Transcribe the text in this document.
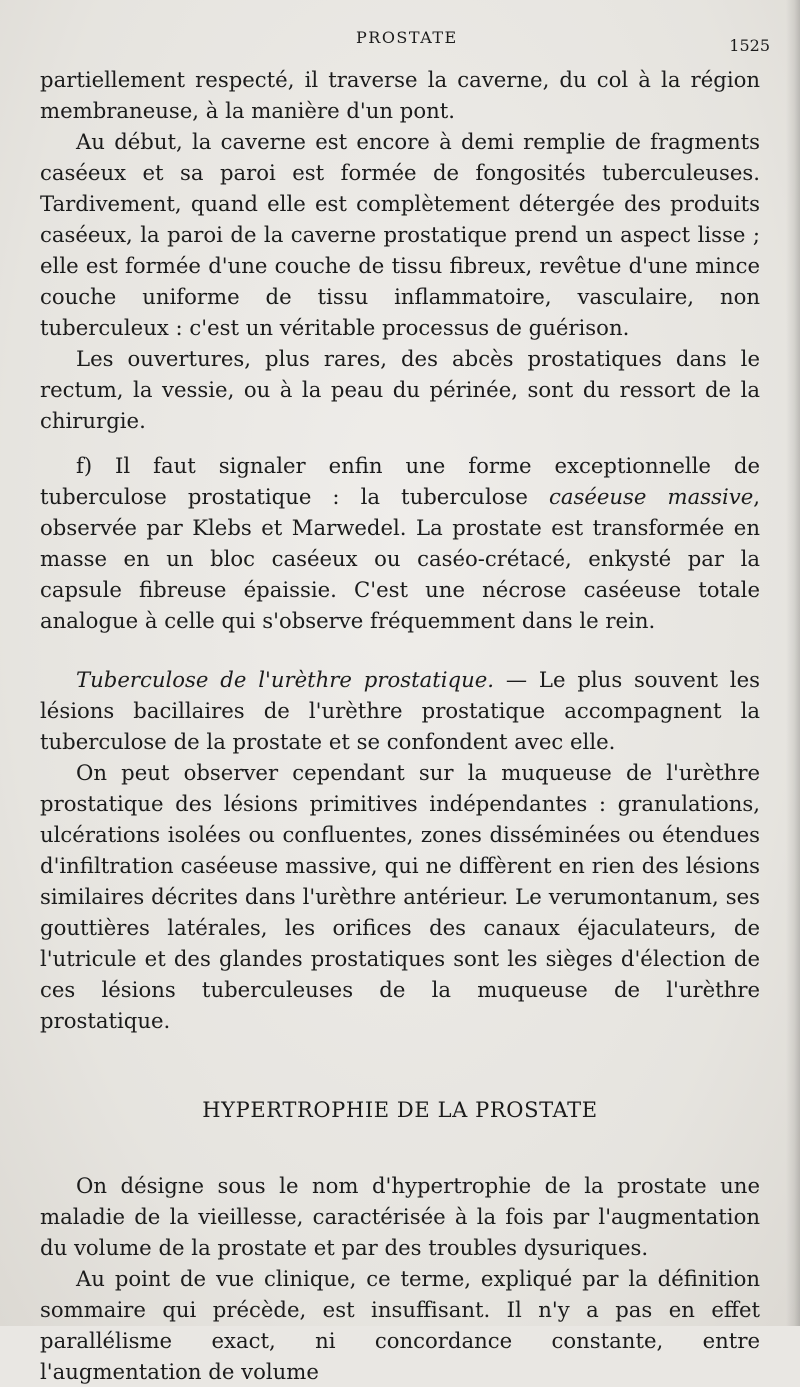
PROSTATE	1525

partiellement respecté, il traverse la caverne, du col à la région membraneuse, à la manière d'un pont.

Au début, la caverne est encore à demi remplie de fragments caséeux et sa paroi est formée de fongosités tuberculeuses. Tardivement, quand elle est complètement détergée des produits caséeux, la paroi de la caverne prostatique prend un aspect lisse ; elle est formée d'une couche de tissu fibreux, revêtue d'une mince couche uniforme de tissu inflammatoire, vasculaire, non tuberculeux : c'est un véritable processus de guérison.

Les ouvertures, plus rares, des abcès prostatiques dans le rectum, la vessie, ou à la peau du périnée, sont du ressort de la chirurgie.

f) Il faut signaler enfin une forme exceptionnelle de tuberculose prostatique : la tuberculose caséeuse massive, observée par Klebs et Marwedel. La prostate est transformée en masse en un bloc caséeux ou caséo-crétacé, enkysté par la capsule fibreuse épaissie. C'est une nécrose caséeuse totale analogue à celle qui s'observe fréquemment dans le rein.

Tuberculose de l'urèthre prostatique. — Le plus souvent les lésions bacillaires de l'urèthre prostatique accompagnent la tuberculose de la prostate et se confondent avec elle.

On peut observer cependant sur la muqueuse de l'urèthre prostatique des lésions primitives indépendantes : granulations, ulcérations isolées ou confluentes, zones disséminées ou étendues d'infiltration caséeuse massive, qui ne diffèrent en rien des lésions similaires décrites dans l'urèthre antérieur. Le verumontanum, ses gouttières latérales, les orifices des canaux éjaculateurs, de l'utricule et des glandes prostatiques sont les sièges d'élection de ces lésions tuberculeuses de la muqueuse de l'urèthre prostatique.

HYPERTROPHIE DE LA PROSTATE

On désigne sous le nom d'hypertrophie de la prostate une maladie de la vieillesse, caractérisée à la fois par l'augmentation du volume de la prostate et par des troubles dysuriques.

Au point de vue clinique, ce terme, expliqué par la définition sommaire qui précède, est insuffisant. Il n'y a pas en effet parallélisme exact, ni concordance constante, entre l'augmentation de volume
